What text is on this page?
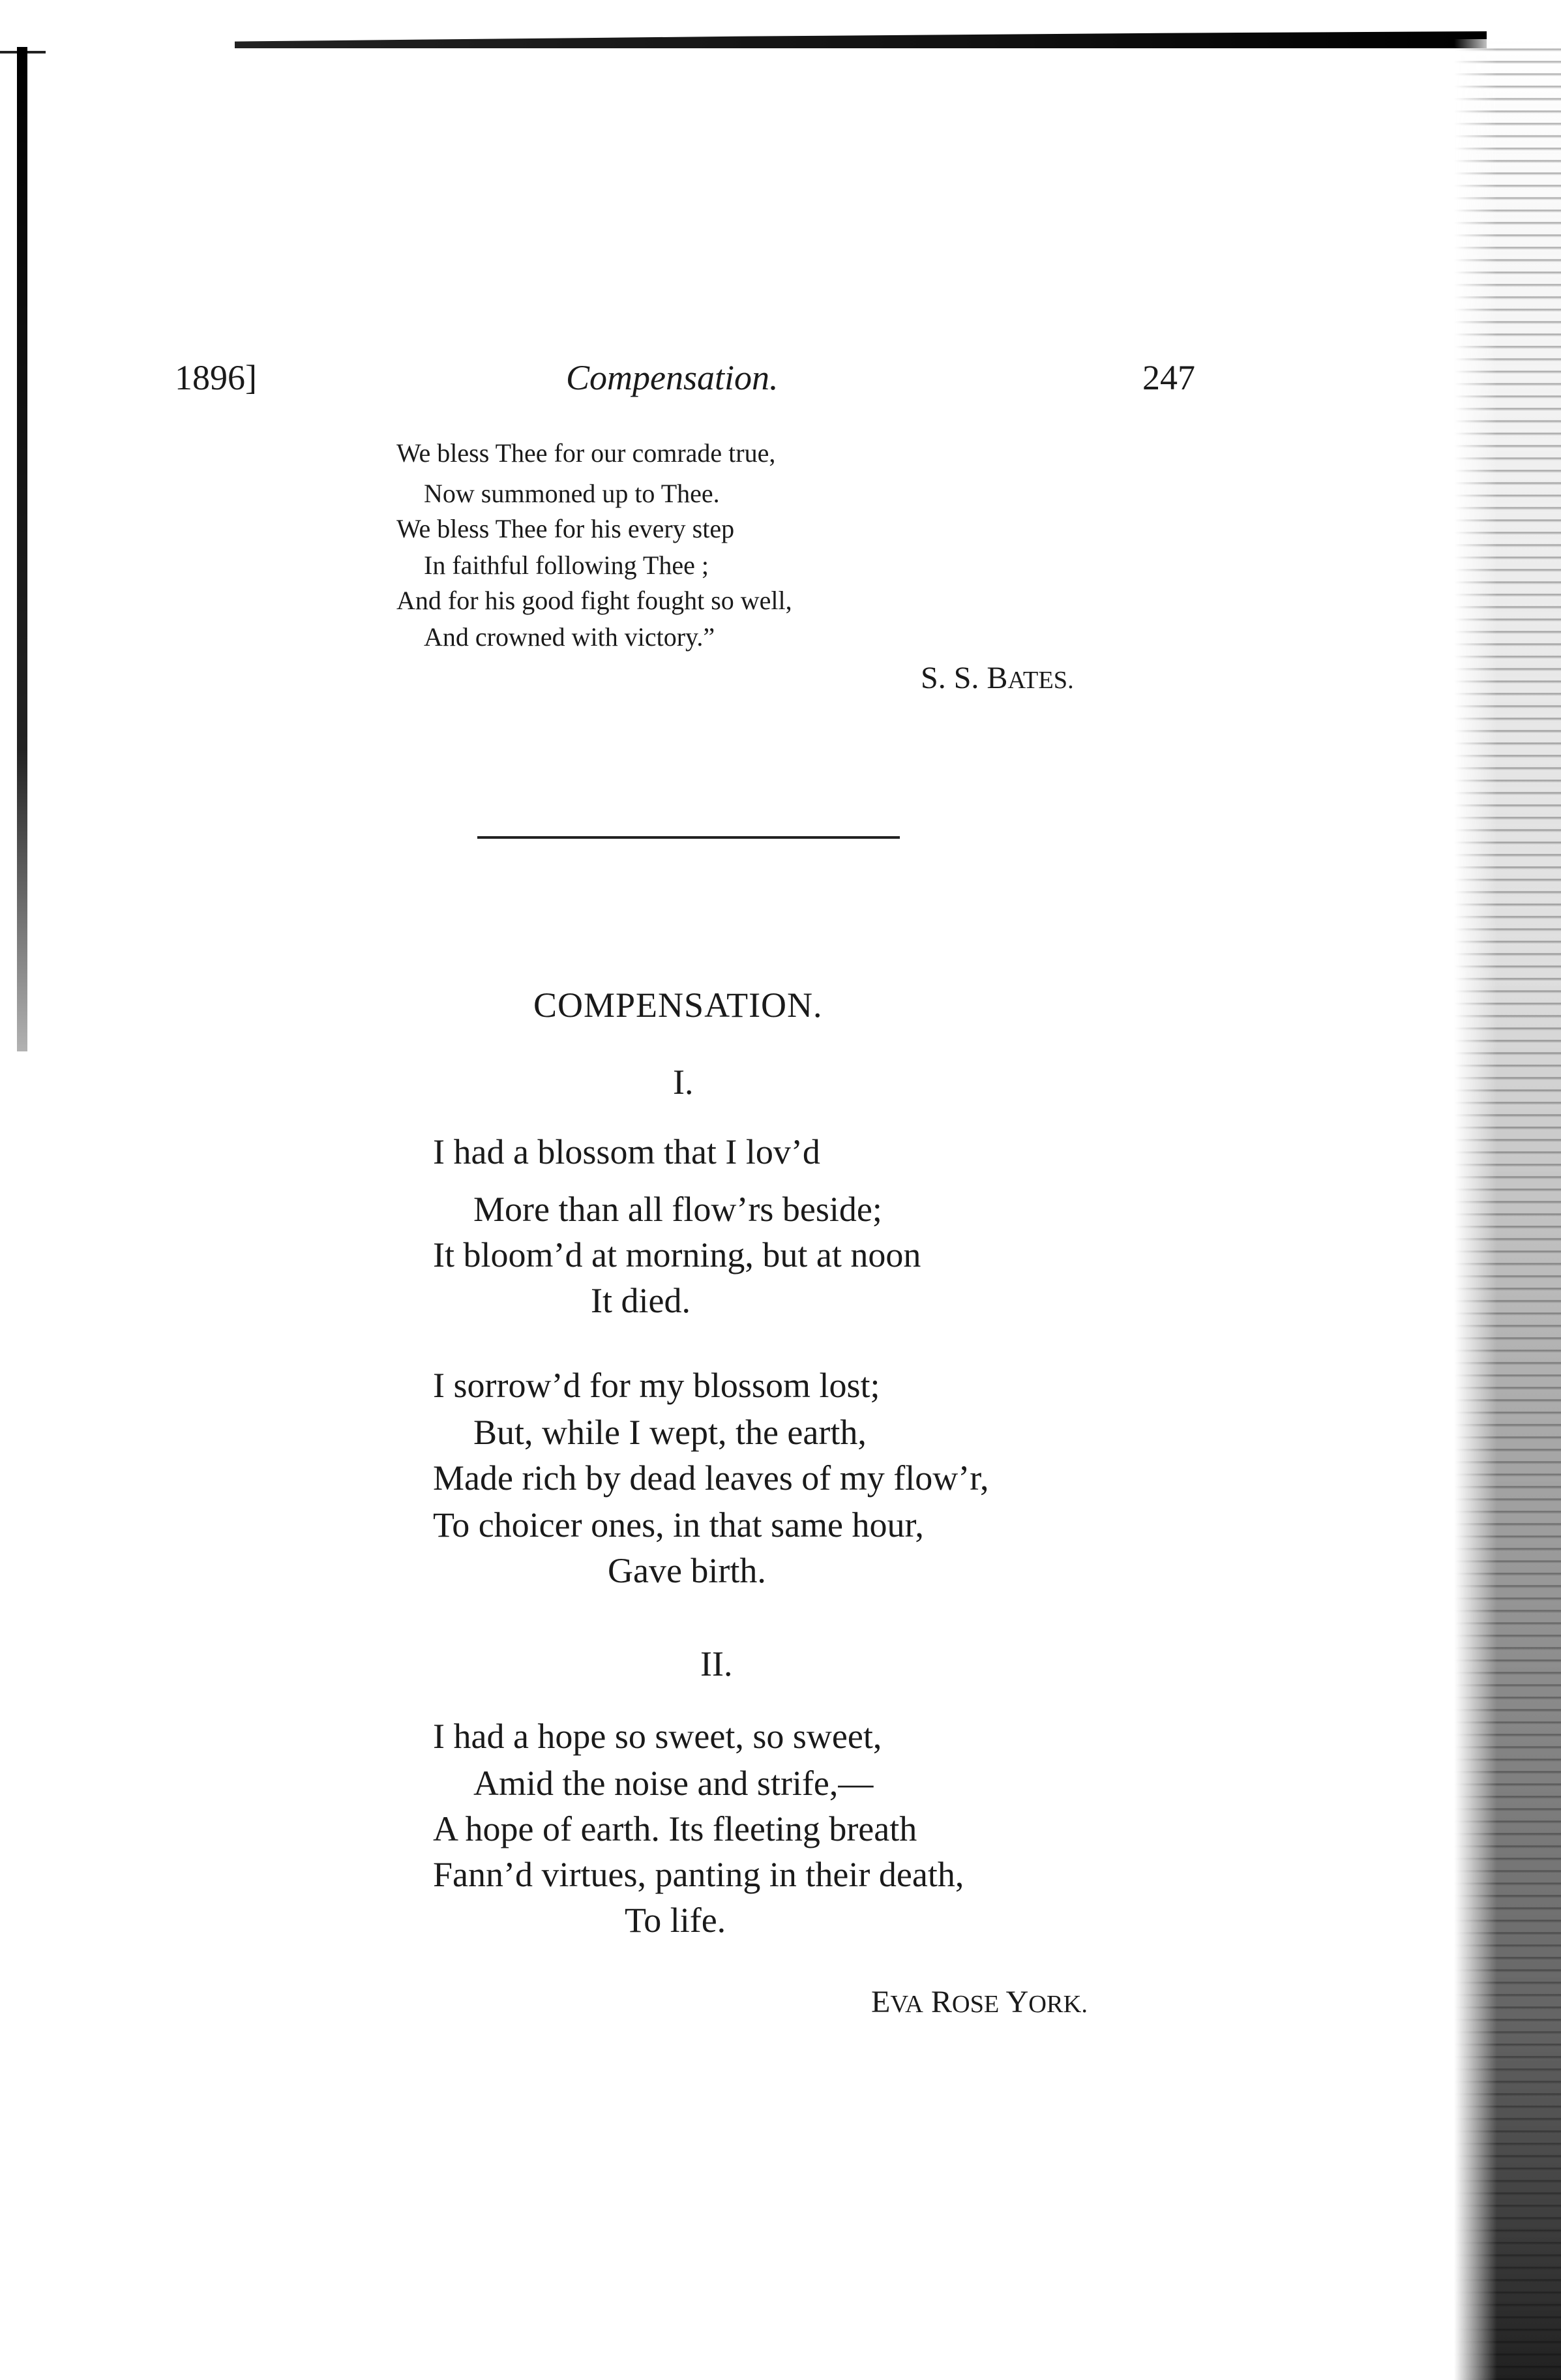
1896]	Compensation.	247
We bless Thee for our comrade true,
Now summoned up to Thee.
We bless Thee for his every step
In faithful following Thee ;
And for his good fight fought so well,
And crowned with victory.”
S. S. BATES.
COMPENSATION.
I.
I had a blossom that I lov’d
More than all flow’rs beside;
It bloom’d at morning, but at noon
It died.
I sorrow’d for my blossom lost;
But, while I wept, the earth,
Made rich by dead leaves of my flow’r,
To choicer ones, in that same hour,
Gave birth.
II.
I had a hope so sweet, so sweet,
Amid the noise and strife,—
A hope of earth. Its fleeting breath
Fann’d virtues, panting in their death,
To life.
EVA ROSE YORK.
